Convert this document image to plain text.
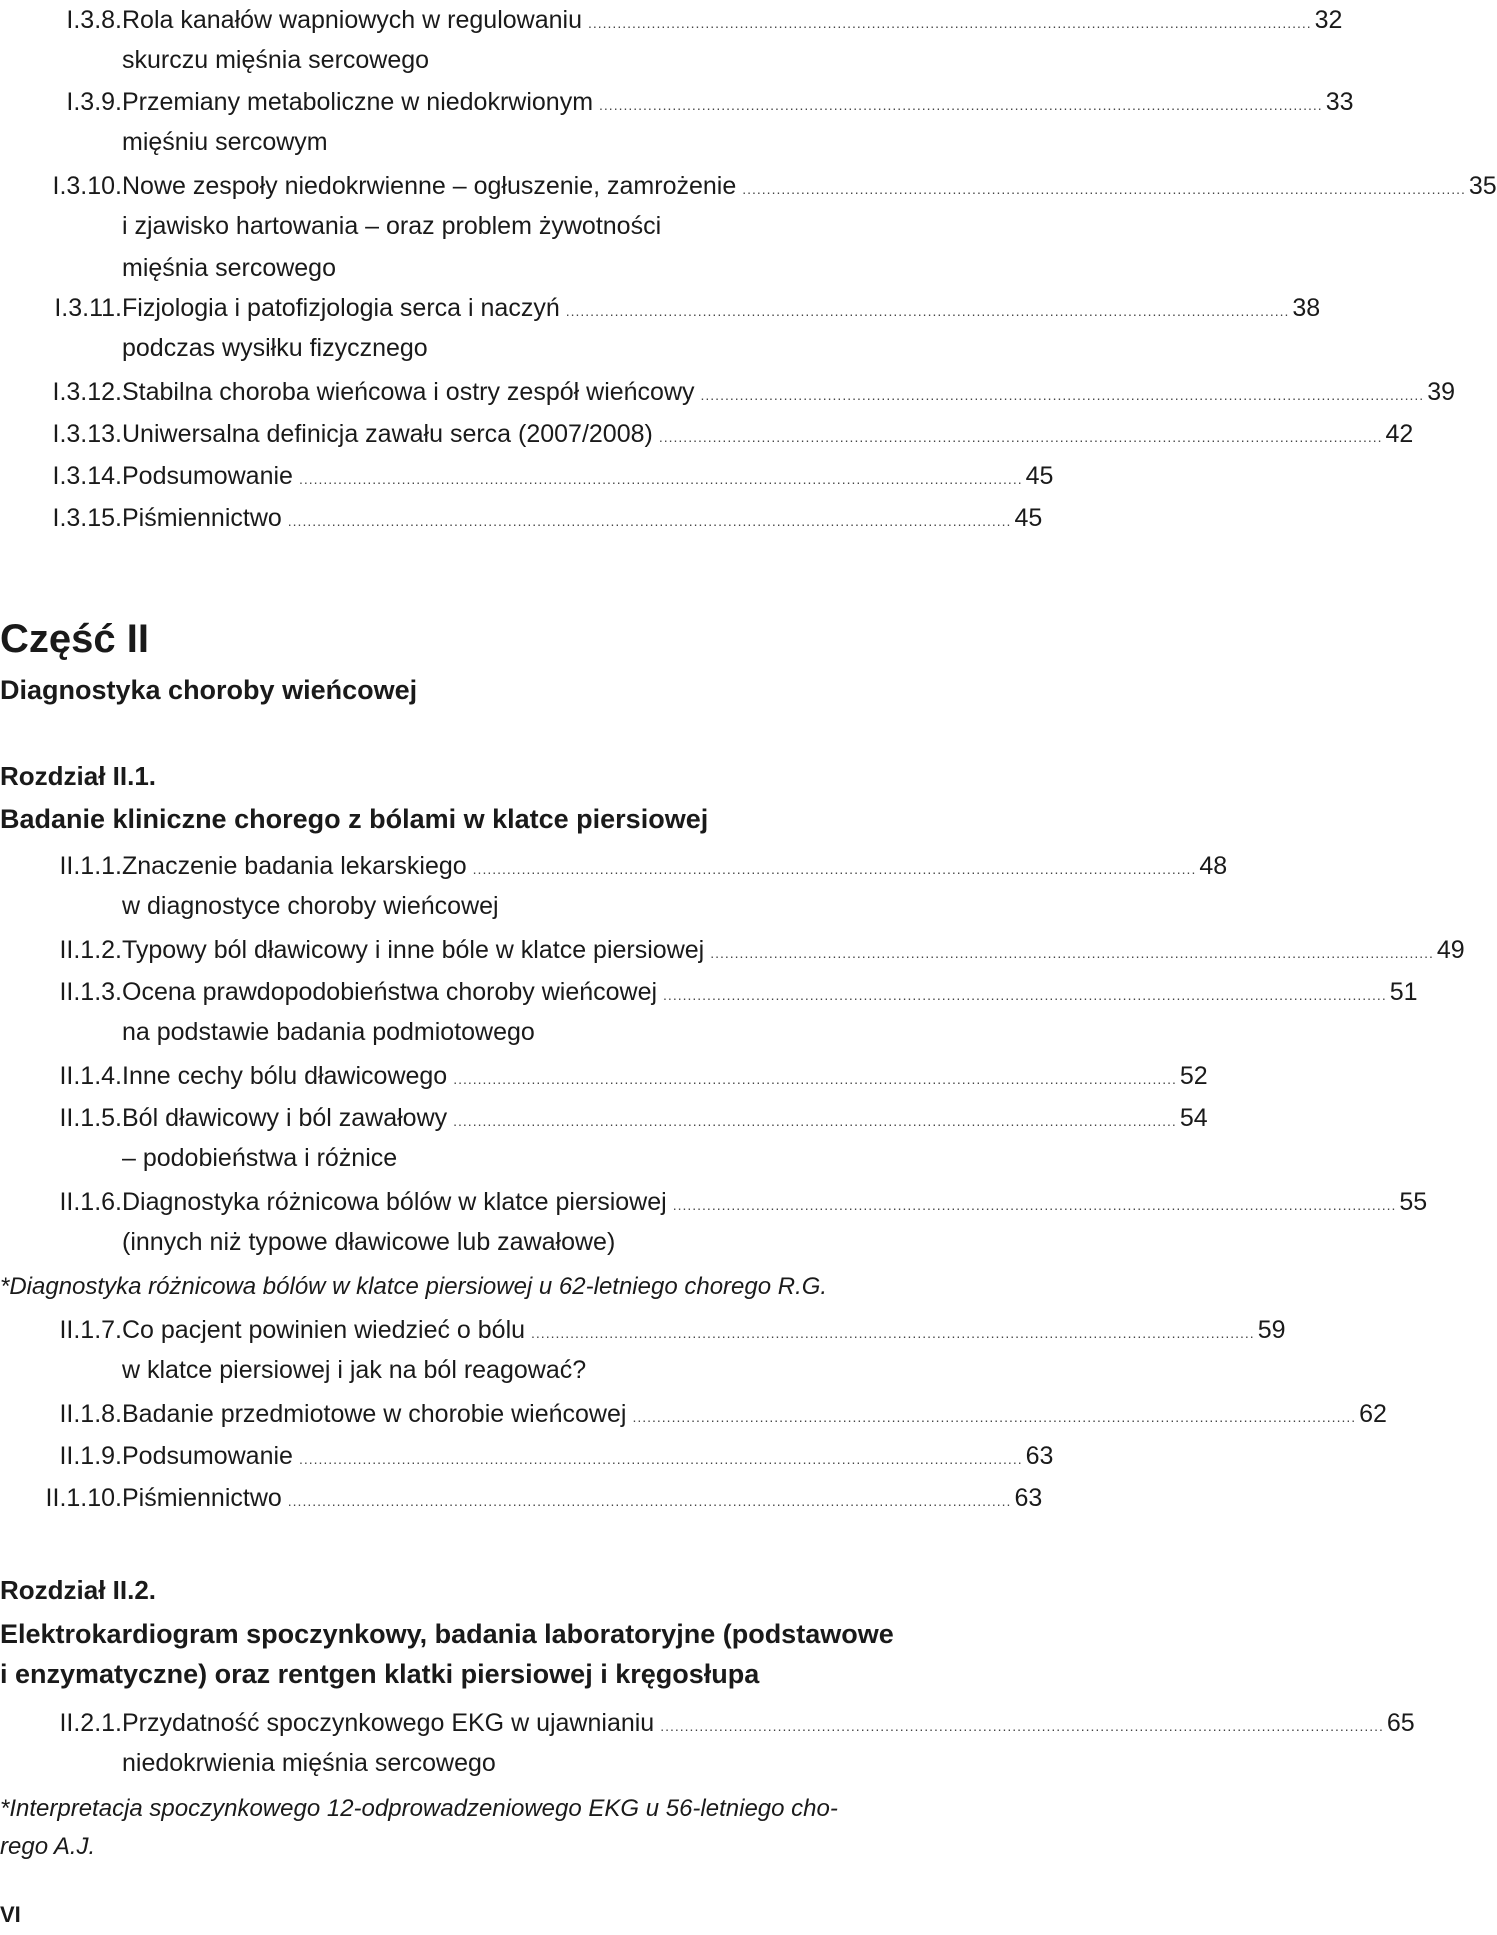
I.3.8. Rola kanałów wapniowych w regulowaniu .................................................................................................................................................... 32
skurczu mięśnia sercowego
I.3.9. Przemiany metaboliczne w niedokrwionym .................................................................................................................................................... 33
mięśniu sercowym
I.3.10. Nowe zespoły niedokrwienne – ogłuszenie, zamrożenie .................................................................................................................................................... 35
i zjawisko hartowania – oraz problem żywotności
mięśnia sercowego
I.3.11. Fizjologia i patofizjologia serca i naczyń .................................................................................................................................................... 38
podczas wysiłku fizycznego
I.3.12. Stabilna choroba wieńcowa i ostry zespół wieńcowy .................................................................................................................................................... 39
I.3.13. Uniwersalna definicja zawału serca (2007/2008) .................................................................................................................................................... 42
I.3.14. Podsumowanie .................................................................................................................................................... 45
I.3.15. Piśmiennictwo .................................................................................................................................................... 45
Część II
Diagnostyka choroby wieńcowej
Rozdział II.1.
Badanie kliniczne chorego z bólami w klatce piersiowej
II.1.1. Znaczenie badania lekarskiego .................................................................................................................................................... 48
w diagnostyce choroby wieńcowej
II.1.2. Typowy ból dławicowy i inne bóle w klatce piersiowej .................................................................................................................................................... 49
II.1.3. Ocena prawdopodobieństwa choroby wieńcowej .................................................................................................................................................... 51
na podstawie badania podmiotowego
II.1.4. Inne cechy bólu dławicowego .................................................................................................................................................... 52
II.1.5. Ból dławicowy i ból zawałowy .................................................................................................................................................... 54
– podobieństwa i różnice
II.1.6. Diagnostyka różnicowa bólów w klatce piersiowej .................................................................................................................................................... 55
(innych niż typowe dławicowe lub zawałowe)
*Diagnostyka różnicowa bólów w klatce piersiowej u 62-letniego chorego R.G.
II.1.7. Co pacjent powinien wiedzieć o bólu .................................................................................................................................................... 59
w klatce piersiowej i jak na ból reagować?
II.1.8. Badanie przedmiotowe w chorobie wieńcowej .................................................................................................................................................... 62
II.1.9. Podsumowanie .................................................................................................................................................... 63
II.1.10. Piśmiennictwo .................................................................................................................................................... 63
Rozdział II.2.
Elektrokardiogram spoczynkowy, badania laboratoryjne (podstawowe
i enzymatyczne) oraz rentgen klatki piersiowej i kręgosłupa
II.2.1. Przydatność spoczynkowego EKG w ujawnianiu .................................................................................................................................................... 65
niedokrwienia mięśnia sercowego
*Interpretacja spoczynkowego 12-odprowadzeniowego EKG u 56-letniego cho-
rego A.J.
VI
